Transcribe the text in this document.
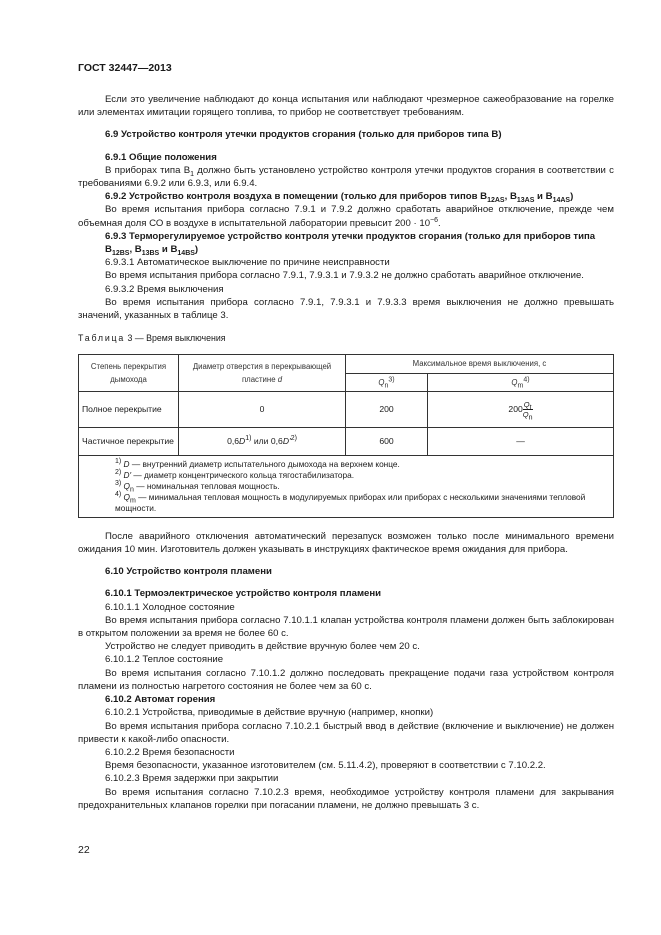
ГОСТ 32447—2013

Если это увеличение наблюдают до конца испытания или наблюдают чрезмерное сажеобразование на горелке или элементах имитации горящего топлива, то прибор не соответствует требованиям.

6.9 Устройство контроля утечки продуктов сгорания (только для приборов типа В)

6.9.1 Общие положения

В приборах типа $В_1$ должно быть установлено устройство контроля утечки продуктов сгорания в соответствии с требованиями 6.9.2 или 6.9.3, или 6.9.4.

6.9.2 Устройство контроля воздуха в помещении (только для приборов типов $В_{12AS}$, $В_{13AS}$ и $В_{14AS}$)

Во время испытания прибора согласно 7.9.1 и 7.9.2 должно сработать аварийное отключение, прежде чем объемная доля СО в воздухе в испытательной лаборатории превысит $200 \cdot 10^{-6}$.

6.9.3 Терморегулируемое устройство контроля утечки продуктов сгорания (только для приборов типа $В_{12BS}$, $В_{13BS}$ и $В_{14BS}$)

6.9.3.1 Автоматическое выключение по причине неисправности

Во время испытания прибора согласно 7.9.1, 7.9.3.1 и 7.9.3.2 не должно сработать аварийное отключение.

6.9.3.2 Время выключения

Во время испытания прибора согласно 7.9.1, 7.9.3.1 и 7.9.3.3 время выключения не должно превышать значений, указанных в таблице 3.

Таблица 3 — Время выключения
Степень перекрытия дымохода	Диаметр отверстия в перекрывающей пластине d	Максимальное время выключения, с	
		$Q_n^{3)}$	$Q_m^{4)}$
Полное перекрытие	0	200	$200 \frac{Q_t}{Q_n}$

Частичное перекрытие	$0,6D^{1)}$ или $0,6D'^{2)}$	600	—

$^{1)}$ D — внутренний диаметр испытательного дымохода на верхнем конце.
$^{2)}$ D' — диаметр концентрического кольца тягостабилизатора.
$^{3)}$ $Q_n$ — номинальная тепловая мощность.
$^{4)}$ $Q_m$ — минимальная тепловая мощность в модулируемых приборах или приборах с несколькими значениями тепловой мощности.			

После аварийного отключения автоматический перезапуск возможен только после минимального времени ожидания 10 мин. Изготовитель должен указывать в инструкциях фактическое время ожидания для прибора.

6.10 Устройство контроля пламени

6.10.1 Термоэлектрическое устройство контроля пламени

6.10.1.1 Холодное состояние

Во время испытания прибора согласно 7.10.1.1 клапан устройства контроля пламени должен быть заблокирован в открытом положении за время не более 60 с.

Устройство не следует приводить в действие вручную более чем 20 с.

6.10.1.2 Теплое состояние

Во время испытания согласно 7.10.1.2 должно последовать прекращение подачи газа устройством контроля пламени из полностью нагретого состояния не более чем за 60 с.

6.10.2 Автомат горения

6.10.2.1 Устройства, приводимые в действие вручную (например, кнопки)

Во время испытания прибора согласно 7.10.2.1 быстрый ввод в действие (включение и выключение) не должен привести к какой-либо опасности.

6.10.2.2 Время безопасности

Время безопасности, указанное изготовителем (см. 5.11.4.2), проверяют в соответствии с 7.10.2.2.

6.10.2.3 Время задержки при закрытии

Во время испытания согласно 7.10.2.3 время, необходимое устройству контроля пламени для закрывания предохранительных клапанов горелки при погасании пламени, не должно превышать 3 с.

22
